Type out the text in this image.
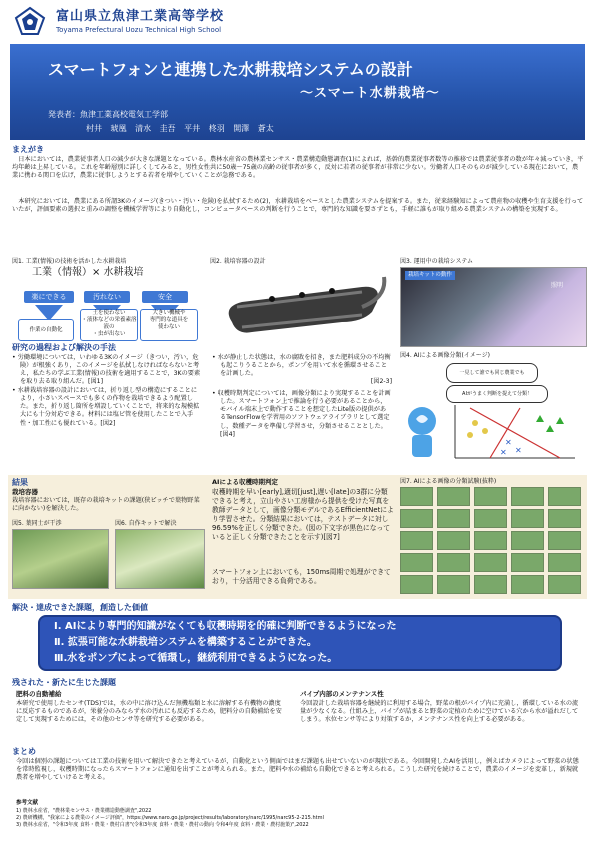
富山県立魚津工業高等学校
Toyama Prefectural Uozu Technical High School
スマートフォンと連携した水耕栽培システムの設計
〜スマート水耕栽培〜
発表者：魚津工業高校電気工学部
村井 琥凰 清水 圭吾 平井 柊羽 開澤 蒼太
まえがき
日本においては，農業従事者人口の減少が大きな課題となっている。農林水産省の農林業センサス・農業構造動態調査(1)によれば，基幹的農業従事者数等の推移では農業従事者の数が年々減っていき，平均年齢は上昇している。これを年齢層別に詳しくしてみると，男性女性共に50歳〜75歳の高齢の従事者が多く，反対に若者の従事者が非常に少ない。労働者人口そのものが減少している現在において，農業に携わる関口を広げ，農業に従事しようとする若者を増やしていくことが急務である。
本研究においては，農業にある所謂3Kのイメージ(きつい・汚い・危険)を払拭するため(2)，水耕栽培をベースとした農業システムを提案する。また，従来経験知によって農産物の収穫や生育支援を行っていたが，評価要素の選択と重みの調整を機械学習等により自動化し，コンピュータベースの判断を行うことで，専門的な知識を要さずとも，手軽に誰もが取り組める農業システムの構築を実現する。
図1. 工業(情報)の技術を活かした水耕栽培
工業（情報）× 水耕栽培
楽にできる	汚れない	安全
作業の自動化
土を使わない
・液体などの栄養素溶液の
・虫が出ない
大きい機械や
専門的な道具を
使わない
図2. 栽培容器の設計	図3. 運用中の栽培システム
栽培キットの動作
照明
研究の過程および解決の手法
• 労働環境については，いわゆる3Kのイメージ（きつい，汚い，危険）が根強くあり，このイメージを払拭しなければならないと考え，私たちの学ぶ工業(情報)の技術を適用することで，3Kの要素を取り去る取り組んだ。[図1]
• 水耕栽培容器の設計においては，折り返し型の構造にすることにより，小さいスペースでも多くの作物を栽培できるよう配置した。また，折り返し箇所を増設していくことで，将来的な規模拡大にも十分対応できる。材料には塩ビ管を使用したことで入手性・加工性にも優れている。[図2]
• 水が静止した状態は，水の腐敗を招き，また肥料成分の不均衡も起こりうることから，ポンプを用いて水を循環させることを計画した。
[図2-3]
• 収穫時期判定については，画像分類により実現することを計画した。スマートフォン上で推論を行う必要があることから，モバイル端末上で動作することを想定したLite版の提供があるTensorFlowを学習用のソフトウェアライブラリとして選定し，数種データを準備し学習させ，分類させることとした。[図4]
図4. AIによる画像分類(イメージ)
一見して誰でも同じ農業でも
AIがうまく判断を提えて分類！
✕
✕
✕
結果
栽培容器
栽培容器においては，既存の栽培キットの課題(狭ピッチで葉物野菜に向かない)を解決した。
図5. 葉同士が干渉	図6. 自作キットで解決
AIによる収穫時期判定
収穫時期を早い[early],適切[just],遅い[late]の3群に分類できると考え，立山やさい工房様から提供を受けた写真を教師データとして，画像分類モデルであるEfficientNetにより学習させた。分類結果においては，テストデータに対し96.59%を正しく分類できた。(図の下文字が黒色になっていると正しく分類できたことを示す)[図7]
スマートフォン上においても，150ms周期で処理ができており，十分活用できる負荷である。
図7. AIによる画像の分類試験(抜粋)
解決・達成できた課題，創造した価値
Ⅰ. AIにより専門的知識がなくても収穫時期を的確に判断できるようになった
Ⅱ. 拡張可能な水耕栽培システムを構築することができた。
Ⅲ.水をポンプによって循環し，継続利用できるようになった。
残された・新たに生じた課題
肥料の自動補給
本研究で使用したセンサ(TDS)では，水の中に溶け込んだ無機塩類と水に溶解する有機物の濃度に反応するものであるが，栄養分のみならず水の汚れにも反応するため，肥料分の自動補給を安定して実現するためには，その他のセンサ等を研究する必要がある。
パイプ内部のメンテナンス性
今回設計した栽培容器を継続的に利用する場合，野菜の根がパイプ内に充満し，循環している水の流量が少なくなる。仕組み上，パイプが詰まると野菜の定植のために空けている穴から水が溢れだしてしまう。水位センサ等により対策するか，メンテナンス性を向上する必要がある。
まとめ
今回は個別の課題については工業の技術を用いて解決できたと考えているが，自動化という側面ではまだ課題も出せていないのが現状である。今回開発したAIを活用し，例えばカメラによって野菜の状態を常時監視し，収穫時期になったらスマートフォンに通知を出すことが考えられる。また，肥料や水の補給も自動化できると考えられる。こうした研究を続けることで，農業のイメージを変革し，新規就農者を増やしていけると考える。
参考文献
1) 農林水産省，"農林業センサス・農業構造動態調査",2022
2) 農研機構，"我家による農業のイメージ評価"，https://www.naro.go.jp/project/results/laboratory/narc/1995/narc95-2-215.html
3) 農林水産省，"令和3年度 食料・農業・農村白書"(令和3年度 食料・農業・農村の動向 令和4年度 食料・農業・農村施策)",2022
